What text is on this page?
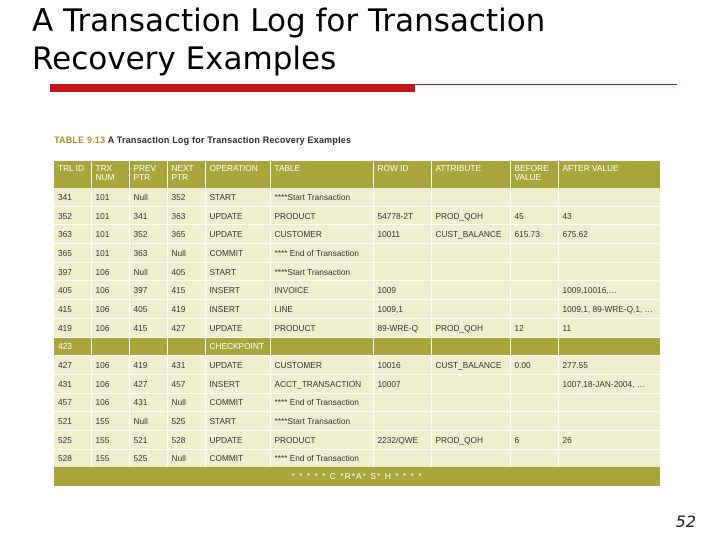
A Transaction Log for Transaction Recovery Examples
TABLE 9.13 A Transaction Log for Transaction Recovery Examples
TRL ID	TRX NUM	PREV PTR	NEXT PTR	OPERATION	TABLE	ROW ID	ATTRIBUTE	BEFORE VALUE	AFTER VALUE
341	101	Null	352	START	****Start Transaction				
352	101	341	363	UPDATE	PRODUCT	54778-2T	PROD_QOH	45	43
363	101	352	365	UPDATE	CUSTOMER	10011	CUST_BALANCE	615.73	675.62
365	101	363	Null	COMMIT	**** End of Transaction				
397	106	Null	405	START	****Start Transaction				
405	106	397	415	INSERT	INVOICE	1009			1009,10016,…
415	106	405	419	INSERT	LINE	1009,1			1009,1, 89-WRE-Q,1, …
419	106	415	427	UPDATE	PRODUCT	89-WRE-Q	PROD_QOH	12	11
423				CHECKPOINT					
427	106	419	431	UPDATE	CUSTOMER	10016	CUST_BALANCE	0.00	277.55
431	106	427	457	INSERT	ACCT_TRANSACTION	10007			1007,18-JAN-2004, …
457	106	431	Null	COMMIT	**** End of Transaction				
521	155	Null	525	START	****Start Transaction				
525	155	521	528	UPDATE	PRODUCT	2232/QWE	PROD_QOH	6	26
528	155	525	Null	COMMIT	**** End of Transaction				
* * * * * C *R*A* S* H * * * *
52
